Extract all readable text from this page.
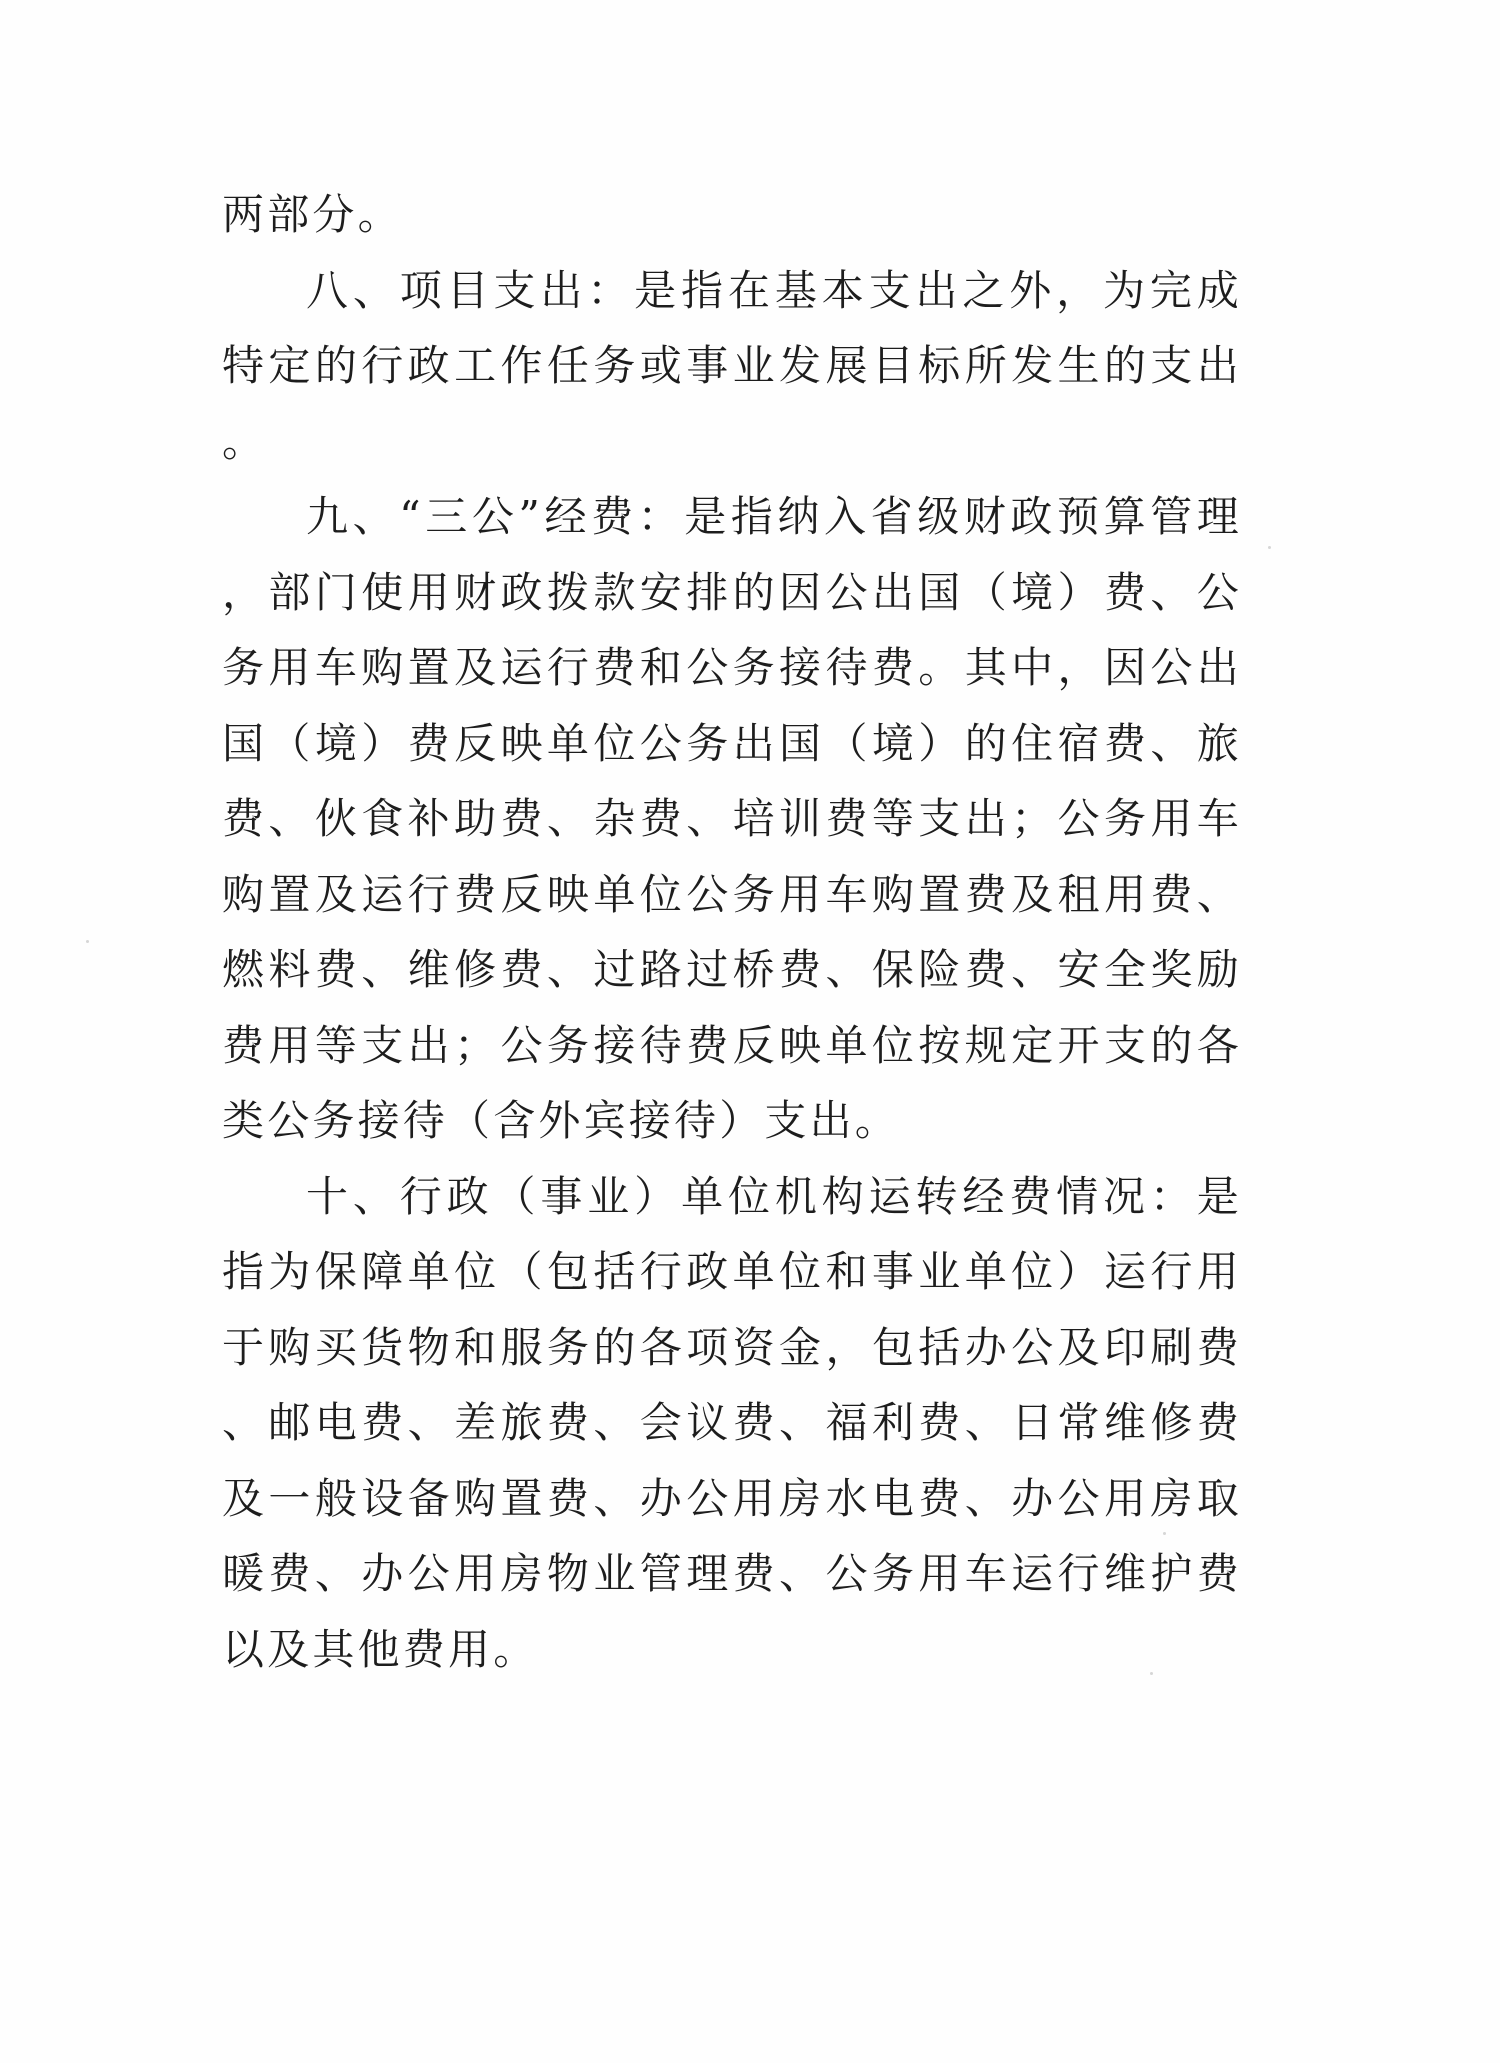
两部分。

八、项目支出：是指在基本支出之外，为完成特定的行政工作任务或事业发展目标所发生的支出。

九、“三公”经费：是指纳入省级财政预算管理，部门使用财政拨款安排的因公出国（境）费、公务用车购置及运行费和公务接待费。其中，因公出国（境）费反映单位公务出国（境）的住宿费、旅费、伙食补助费、杂费、培训费等支出；公务用车购置及运行费反映单位公务用车购置费及租用费、燃料费、维修费、过路过桥费、保险费、安全奖励费用等支出；公务接待费反映单位按规定开支的各类公务接待（含外宾接待）支出。

十、行政（事业）单位机构运转经费情况：是指为保障单位（包括行政单位和事业单位）运行用于购买货物和服务的各项资金，包括办公及印刷费、邮电费、差旅费、会议费、福利费、日常维修费及一般设备购置费、办公用房水电费、办公用房取暖费、办公用房物业管理费、公务用车运行维护费以及其他费用。
